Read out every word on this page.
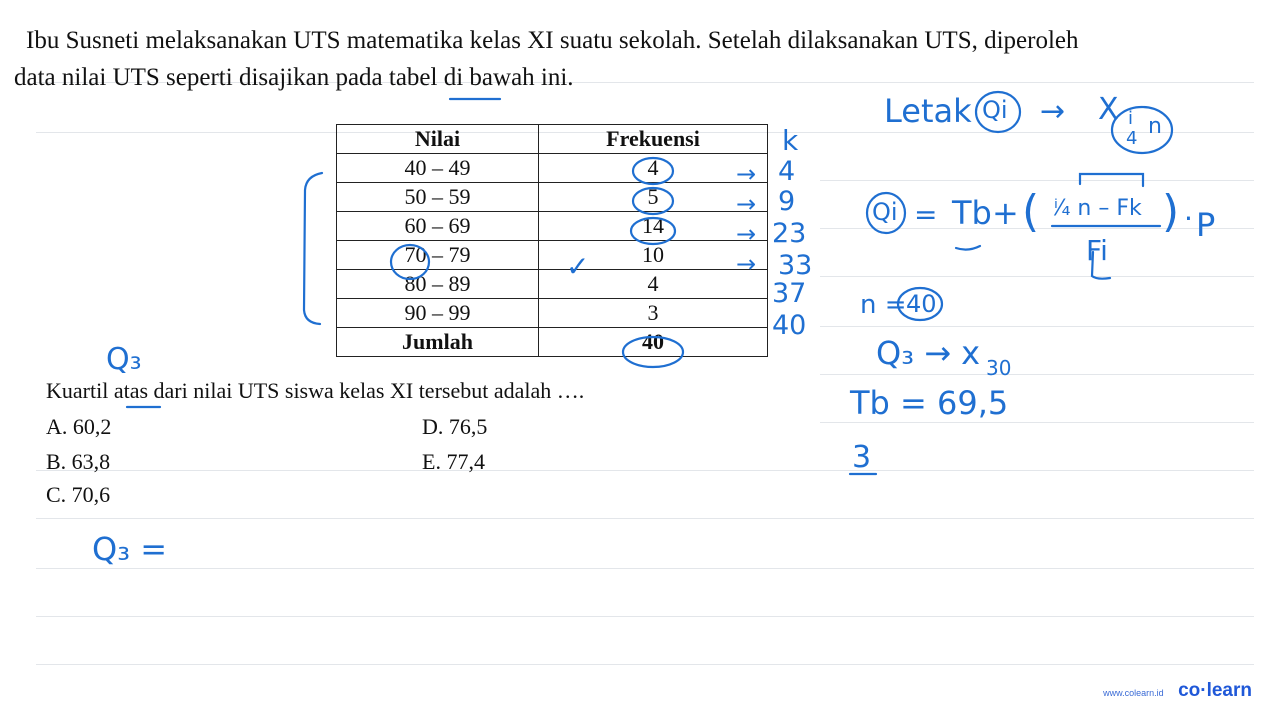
Ibu Susneti melaksanakan UTS matematika kelas XI suatu sekolah. Setelah dilaksanakan UTS, diperoleh
data nilai UTS seperti disajikan pada tabel di bawah ini.
Nilai	Frekuensi
40 – 49	4
50 – 59	5
60 – 69	14
70 – 79	10
80 – 89	4
90 – 99	3
Jumlah	40
Kuartil atas dari nilai UTS siswa kelas XI tersebut adalah ….
A. 60,2
B. 63,8
C. 70,6
D. 76,5
E. 77,4
k
→
→
→
→
4
9
23
33
37
40
✓
Q₃
Letak Qi → X i
4 n
Qi = Tb + ( ⁱ⁄₄ n – Fk
Fi
) · P
n = 40
Q₃ → x 30
Tb = 69,5
3
Q₃ =
www.colearn.id co·learn
